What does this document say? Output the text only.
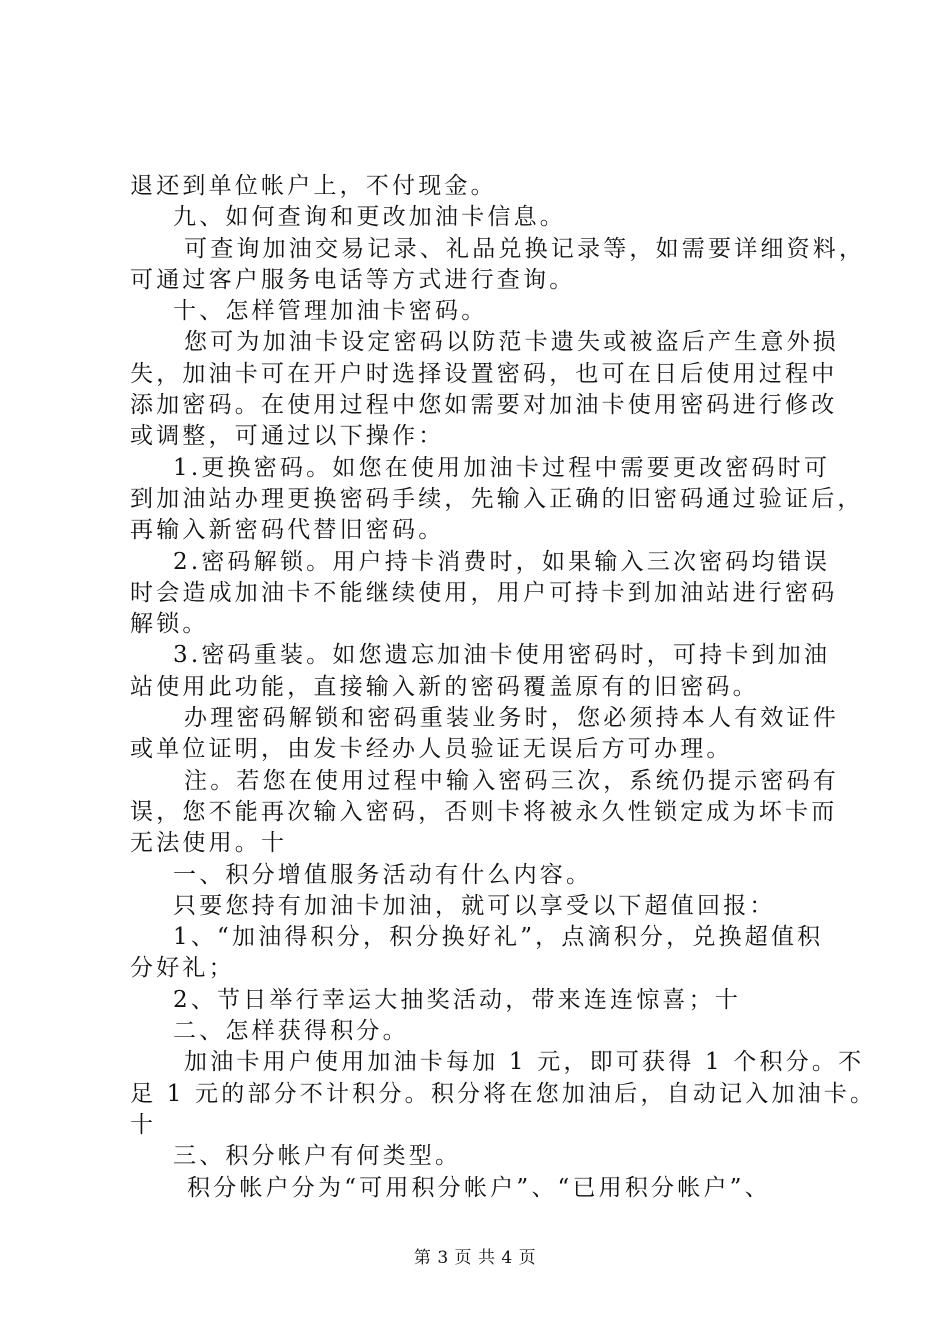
退还到单位帐户上，不付现金。
九、如何查询和更改加油卡信息。
可查询加油交易记录、礼品兑换记录等，如需要详细资料，
可通过客户服务电话等方式进行查询。
十、怎样管理加油卡密码。
您可为加油卡设定密码以防范卡遗失或被盗后产生意外损
失，加油卡可在开户时选择设置密码，也可在日后使用过程中
添加密码。在使用过程中您如需要对加油卡使用密码进行修改
或调整，可通过以下操作：
1.更换密码。如您在使用加油卡过程中需要更改密码时可
到加油站办理更换密码手续，先输入正确的旧密码通过验证后，
再输入新密码代替旧密码。
2.密码解锁。用户持卡消费时，如果输入三次密码均错误
时会造成加油卡不能继续使用，用户可持卡到加油站进行密码
解锁。
3.密码重装。如您遗忘加油卡使用密码时，可持卡到加油
站使用此功能，直接输入新的密码覆盖原有的旧密码。
办理密码解锁和密码重装业务时，您必须持本人有效证件
或单位证明，由发卡经办人员验证无误后方可办理。
注。若您在使用过程中输入密码三次，系统仍提示密码有
误，您不能再次输入密码，否则卡将被永久性锁定成为坏卡而
无法使用。十
一、积分增值服务活动有什么内容。
只要您持有加油卡加油，就可以享受以下超值回报：
1、“加油得积分，积分换好礼”，点滴积分，兑换超值积
分好礼；
2、节日举行幸运大抽奖活动，带来连连惊喜；十
二、怎样获得积分。
加油卡用户使用加油卡每加 1 元，即可获得 1 个积分。不
足 1 元的部分不计积分。积分将在您加油后，自动记入加油卡。
十
三、积分帐户有何类型。
积分帐户分为“可用积分帐户”、“已用积分帐户”、
第 3 页 共 4 页
